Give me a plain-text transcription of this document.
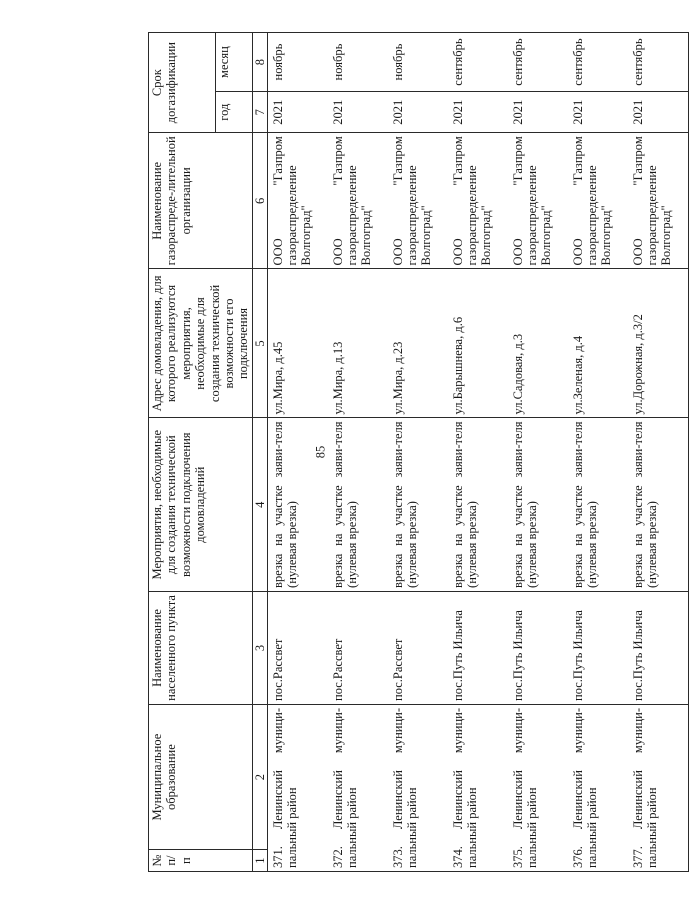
85
№ п/п	Муниципальное образование	Наименование населенного пункта	Мероприятия, необходимые для создания технической возможности подключения домовладений	Адрес домовладения, для которого реализуются мероприятия, необходимые для создания технической возможности его подключения	Наименование газораспреде-лительной организации	Срок догазификации	
						год	месяц
1	2	3	4	5	6	7	8
371. Ленинский муници-пальный район		пос.Рассвет	врезка на участке заяви-теля (нулевая врезка)	ул.Мира, д.45	ООО "Газпром газораспределение Волгоград"	2021	ноябрь
372. Ленинский муници-пальный район		пос.Рассвет	врезка на участке заяви-теля (нулевая врезка)	ул.Мира, д.13	ООО "Газпром газораспределение Волгоград"	2021	ноябрь
373. Ленинский муници-пальный район		пос.Рассвет	врезка на участке заяви-теля (нулевая врезка)	ул.Мира, д.23	ООО "Газпром газораспределение Волгоград"	2021	ноябрь
374. Ленинский муници-пальный район		пос.Путь Ильича	врезка на участке заяви-теля (нулевая врезка)	ул.Барышнева, д.6	ООО "Газпром газораспределение Волгоград"	2021	сентябрь
375. Ленинский муници-пальный район		пос.Путь Ильича	врезка на участке заяви-теля (нулевая врезка)	ул.Садовая, д.3	ООО "Газпром газораспределение Волгоград"	2021	сентябрь
376. Ленинский муници-пальный район		пос.Путь Ильича	врезка на участке заяви-теля (нулевая врезка)	ул.Зеленая, д.4	ООО "Газпром газораспределение Волгоград"	2021	сентябрь
377. Ленинский муници-пальный район		пос.Путь Ильича	врезка на участке заяви-теля (нулевая врезка)	ул.Дорожная, д.3/2	ООО "Газпром газораспределение Волгоград"	2021	сентябрь
